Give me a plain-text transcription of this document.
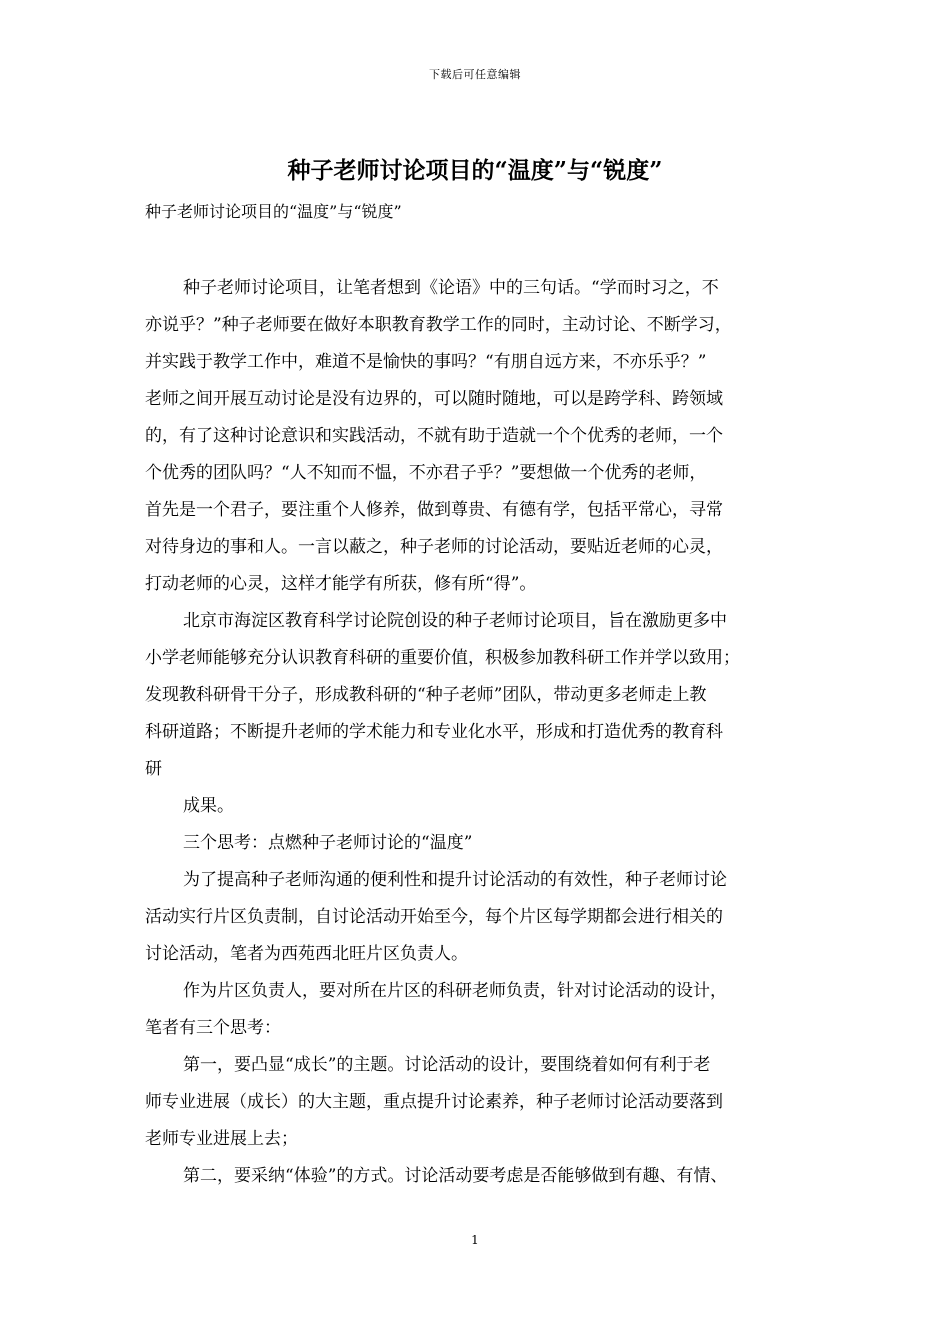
下载后可任意编辑
种子老师讨论项目的“温度”与“锐度”

种子老师讨论项目的“温度”与“锐度”

种子老师讨论项目，让笔者想到《论语》中的三句话。“学而时习之，不
亦说乎？”种子老师要在做好本职教育教学工作的同时，主动讨论、不断学习，
并实践于教学工作中，难道不是愉快的事吗？“有朋自远方来，不亦乐乎？”
老师之间开展互动讨论是没有边界的，可以随时随地，可以是跨学科、跨领域
的，有了这种讨论意识和实践活动，不就有助于造就一个个优秀的老师，一个
个优秀的团队吗？“人不知而不愠，不亦君子乎？”要想做一个优秀的老师，
首先是一个君子，要注重个人修养，做到尊贵、有德有学，包括平常心，寻常
对待身边的事和人。一言以蔽之，种子老师的讨论活动，要贴近老师的心灵，
打动老师的心灵，这样才能学有所获，修有所“得”。

北京市海淀区教育科学讨论院创设的种子老师讨论项目，旨在激励更多中
小学老师能够充分认识教育科研的重要价值，积极参加教科研工作并学以致用；
发现教科研骨干分子，形成教科研的“种子老师”团队，带动更多老师走上教
科研道路；不断提升老师的学术能力和专业化水平，形成和打造优秀的教育科
研

成果。

三个思考：点燃种子老师讨论的“温度”

为了提高种子老师沟通的便利性和提升讨论活动的有效性，种子老师讨论
活动实行片区负责制，自讨论活动开始至今，每个片区每学期都会进行相关的
讨论活动，笔者为西苑西北旺片区负责人。

作为片区负责人，要对所在片区的科研老师负责，针对讨论活动的设计，
笔者有三个思考：

第一，要凸显“成长”的主题。讨论活动的设计，要围绕着如何有利于老
师专业进展（成长）的大主题，重点提升讨论素养，种子老师讨论活动要落到
老师专业进展上去；

第二，要采纳“体验”的方式。讨论活动要考虑是否能够做到有趣、有情、

1
